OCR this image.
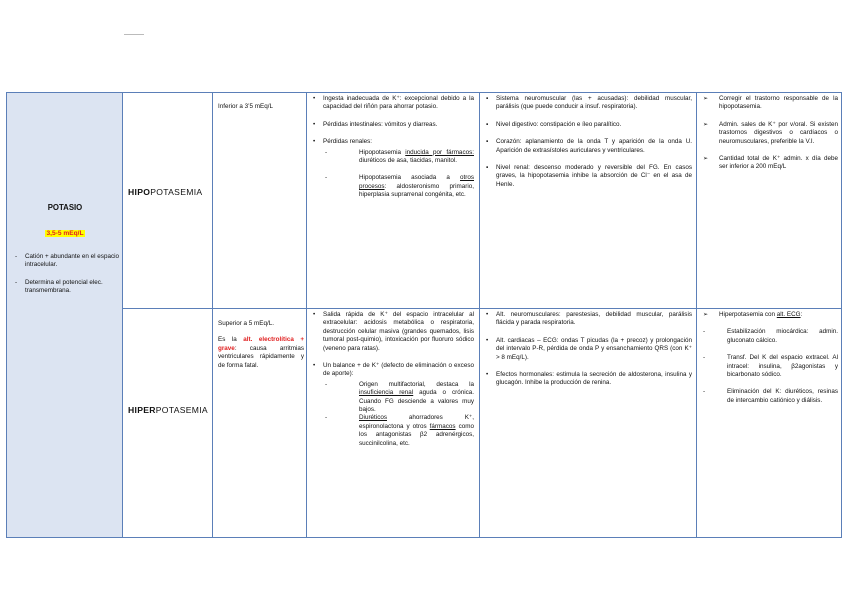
POTASIO
3,5-5 mEq/L
- Catión + abundante en el espacio intracelular.
- Determina el potencial elec. transmembrana.
HIPOPOTASEMIA
Inferior a 3’5 mEq/L
• Ingesta inadecuada de K⁺: excepcional debido a la capacidad del riñón para ahorrar potasio.
• Pérdidas intestinales: vómitos y diarreas.
• Pérdidas renales:
- Hipopotasemia inducida por fármacos: diuréticos de asa, tiacidas, manitol.
- Hipopotasemia asociada a otros procesos: aldosteronismo primario, hiperplasia suprarrenal congénita, etc.
▪ Sistema neuromuscular (las + acusadas): debilidad muscular, parálisis (que puede conducir a insuf. respiratoria).
▪ Nivel digestivo: constipación e íleo paralítico.
▪ Corazón: aplanamiento de la onda T y aparición de la onda U. Aparición de extrasístoles auriculares y ventriculares.
▪ Nivel renal: descenso moderado y reversible del FG. En casos graves, la hipopotasemia inhibe la absorción de Cl⁻ en el asa de Henle.
➢ Corregir el trastorno responsable de la hipopotasemia.
➢ Admin. sales de K⁺ por v/oral. Si existen trastornos digestivos o cardíacos o neuromusculares, preferible la V.I.
➢ Cantidad total de K⁺ admin. x día debe ser inferior a 200 mEq/L
HIPERPOTASEMIA

Superior a 5 mEq/L.

Es la alt. electrolítica + grave: causa arritmias ventriculares rápidamente y de forma fatal.

• Salida rápida de K⁺ del espacio intracelular al extracelular: acidosis metabólica o respiratoria, destrucción celular masiva (grandes quemados, lisis tumoral post-quimio), intoxicación por fluoruro sódico (veneno para ratas).
• Un balance + de K⁺ (defecto de eliminación o exceso de aporte):
- Origen multifactorial, destaca la insuficiencia renal aguda o crónica. Cuando FG desciende a valores muy bajos.
- Diuréticos ahorradores K⁺, espironolactona y otros fármacos como los antagonistas β2 adrenérgicos, succinilcolina, etc.
• Alt. neuromusculares: parestesias, debilidad muscular, parálisis flácida y parada respiratoria.
• Alt. cardiacas – ECG: ondas T picudas (la + precoz) y prolongación del intervalo P-R, pérdida de onda P y ensanchamiento QRS (con K⁺ > 8 mEq/L).
• Efectos hormonales: estimula la secreción de aldosterona, insulina y glucagón. Inhibe la producción de renina.
➢ Hiperpotasemia con alt. ECG:
- Estabilización miocárdica: admin. gluconato cálcico.
- Transf. Del K del espacio extracel. Al intracel: insulina, β2agonistas y bicarbonato sódico.
- Eliminación del K: diuréticos, resinas de intercambio catiónico y diálisis.
